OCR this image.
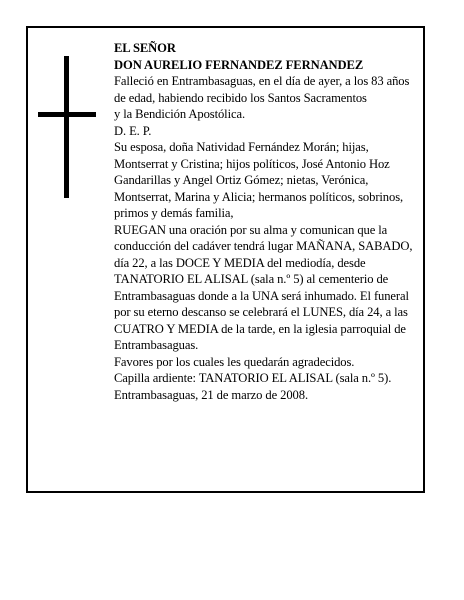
EL SEÑOR

DON AURELIO FERNANDEZ FERNANDEZ

Falleció en Entrambasaguas, en el día de ayer, a los 83 años

de edad, habiendo recibido los Santos Sacramentos

y la Bendición Apostólica.

D. E. P.

Su esposa, doña Natividad Fernández Morán; hijas, Montserrat y Cristina; hijos políticos, José Antonio Hoz Gandarillas y Angel Ortiz Gómez; nietas, Verónica, Montserrat, Marina y Alicia; hermanos políticos, sobrinos, primos y demás familia,

RUEGAN una oración por su alma y comunican que la conducción del cadáver tendrá lugar MAÑANA, SABADO, día 22, a las DOCE Y MEDIA del mediodía, desde TANATORIO EL ALISAL (sala n.º 5) al cementerio de Entrambasaguas donde a la UNA será inhumado. El funeral por su eterno descanso se celebrará el LUNES, día 24, a las CUATRO Y MEDIA de la tarde, en la iglesia parroquial de Entrambasaguas.

Favores por los cuales les quedarán agradecidos.

Capilla ardiente: TANATORIO EL ALISAL (sala n.º 5).

Entrambasaguas, 21 de marzo de 2008.
